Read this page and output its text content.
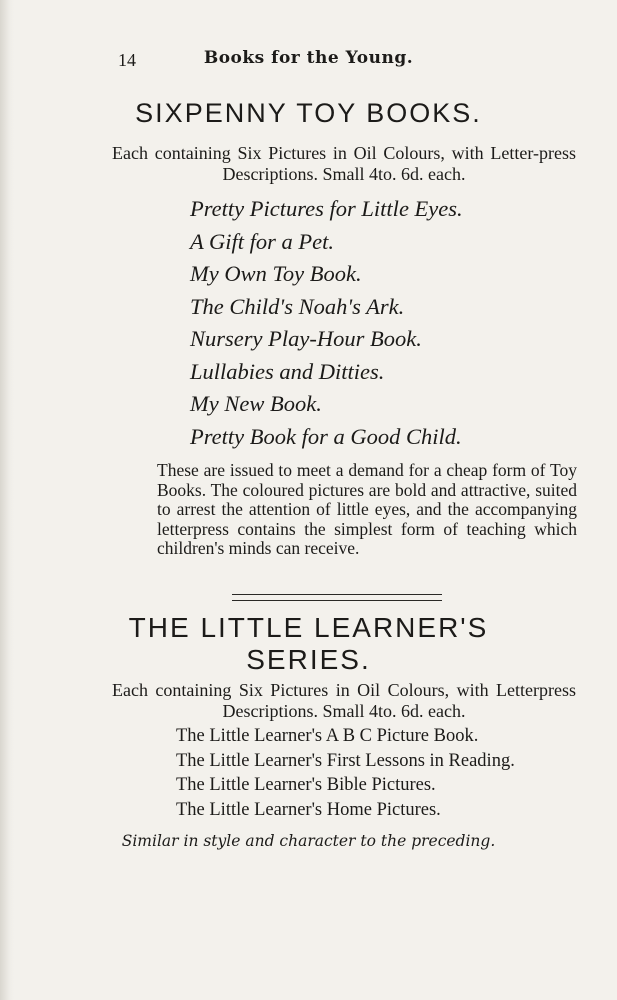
14	Books for the Young.
SIXPENNY TOY BOOKS.

Each containing Six Pictures in Oil Colours, with Letter-press Descriptions. Small 4to. 6d. each.

Pretty Pictures for Little Eyes.
A Gift for a Pet.
My Own Toy Book.
The Child's Noah's Ark.
Nursery Play-Hour Book.
Lullabies and Ditties.
My New Book.
Pretty Book for a Good Child.

These are issued to meet a demand for a cheap form of Toy Books. The coloured pictures are bold and attractive, suited to arrest the attention of little eyes, and the accompanying letterpress contains the simplest form of teaching which children's minds can receive.

THE LITTLE LEARNER'S
SERIES.

Each containing Six Pictures in Oil Colours, with Letterpress Descriptions. Small 4to. 6d. each.

The Little Learner's A B C Picture Book.
The Little Learner's First Lessons in Reading.
The Little Learner's Bible Pictures.
The Little Learner's Home Pictures.

Similar in style and character to the preceding.
